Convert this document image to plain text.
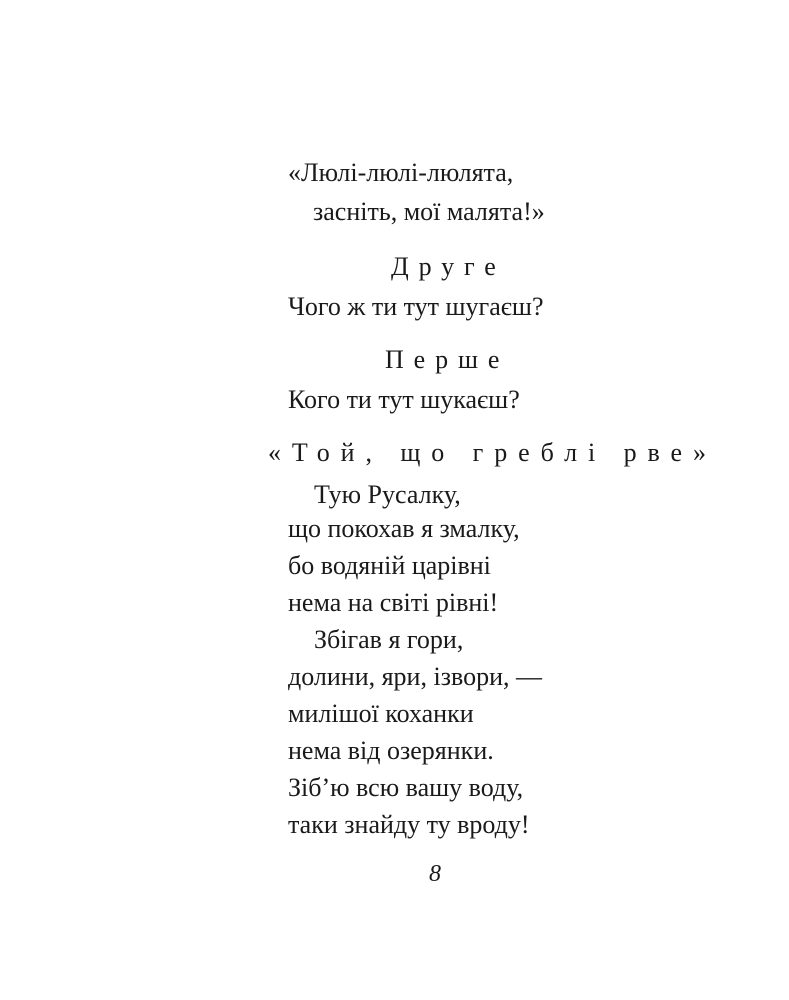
«Люлі-люлі-люлята,
засніть, мої малята!»
Друге
Чого ж ти тут шугаєш?
Перше
Кого ти тут шукаєш?
«Той, що греблі рве»
Тую Русалку,
що покохав я змалку,
бо водяній царівні
нема на світі рівні!
Збігав я гори,
долини, яри, ізвори, —
милішої коханки
нема від озерянки.
Зіб’ю всю вашу воду,
таки знайду ту вроду!
8
